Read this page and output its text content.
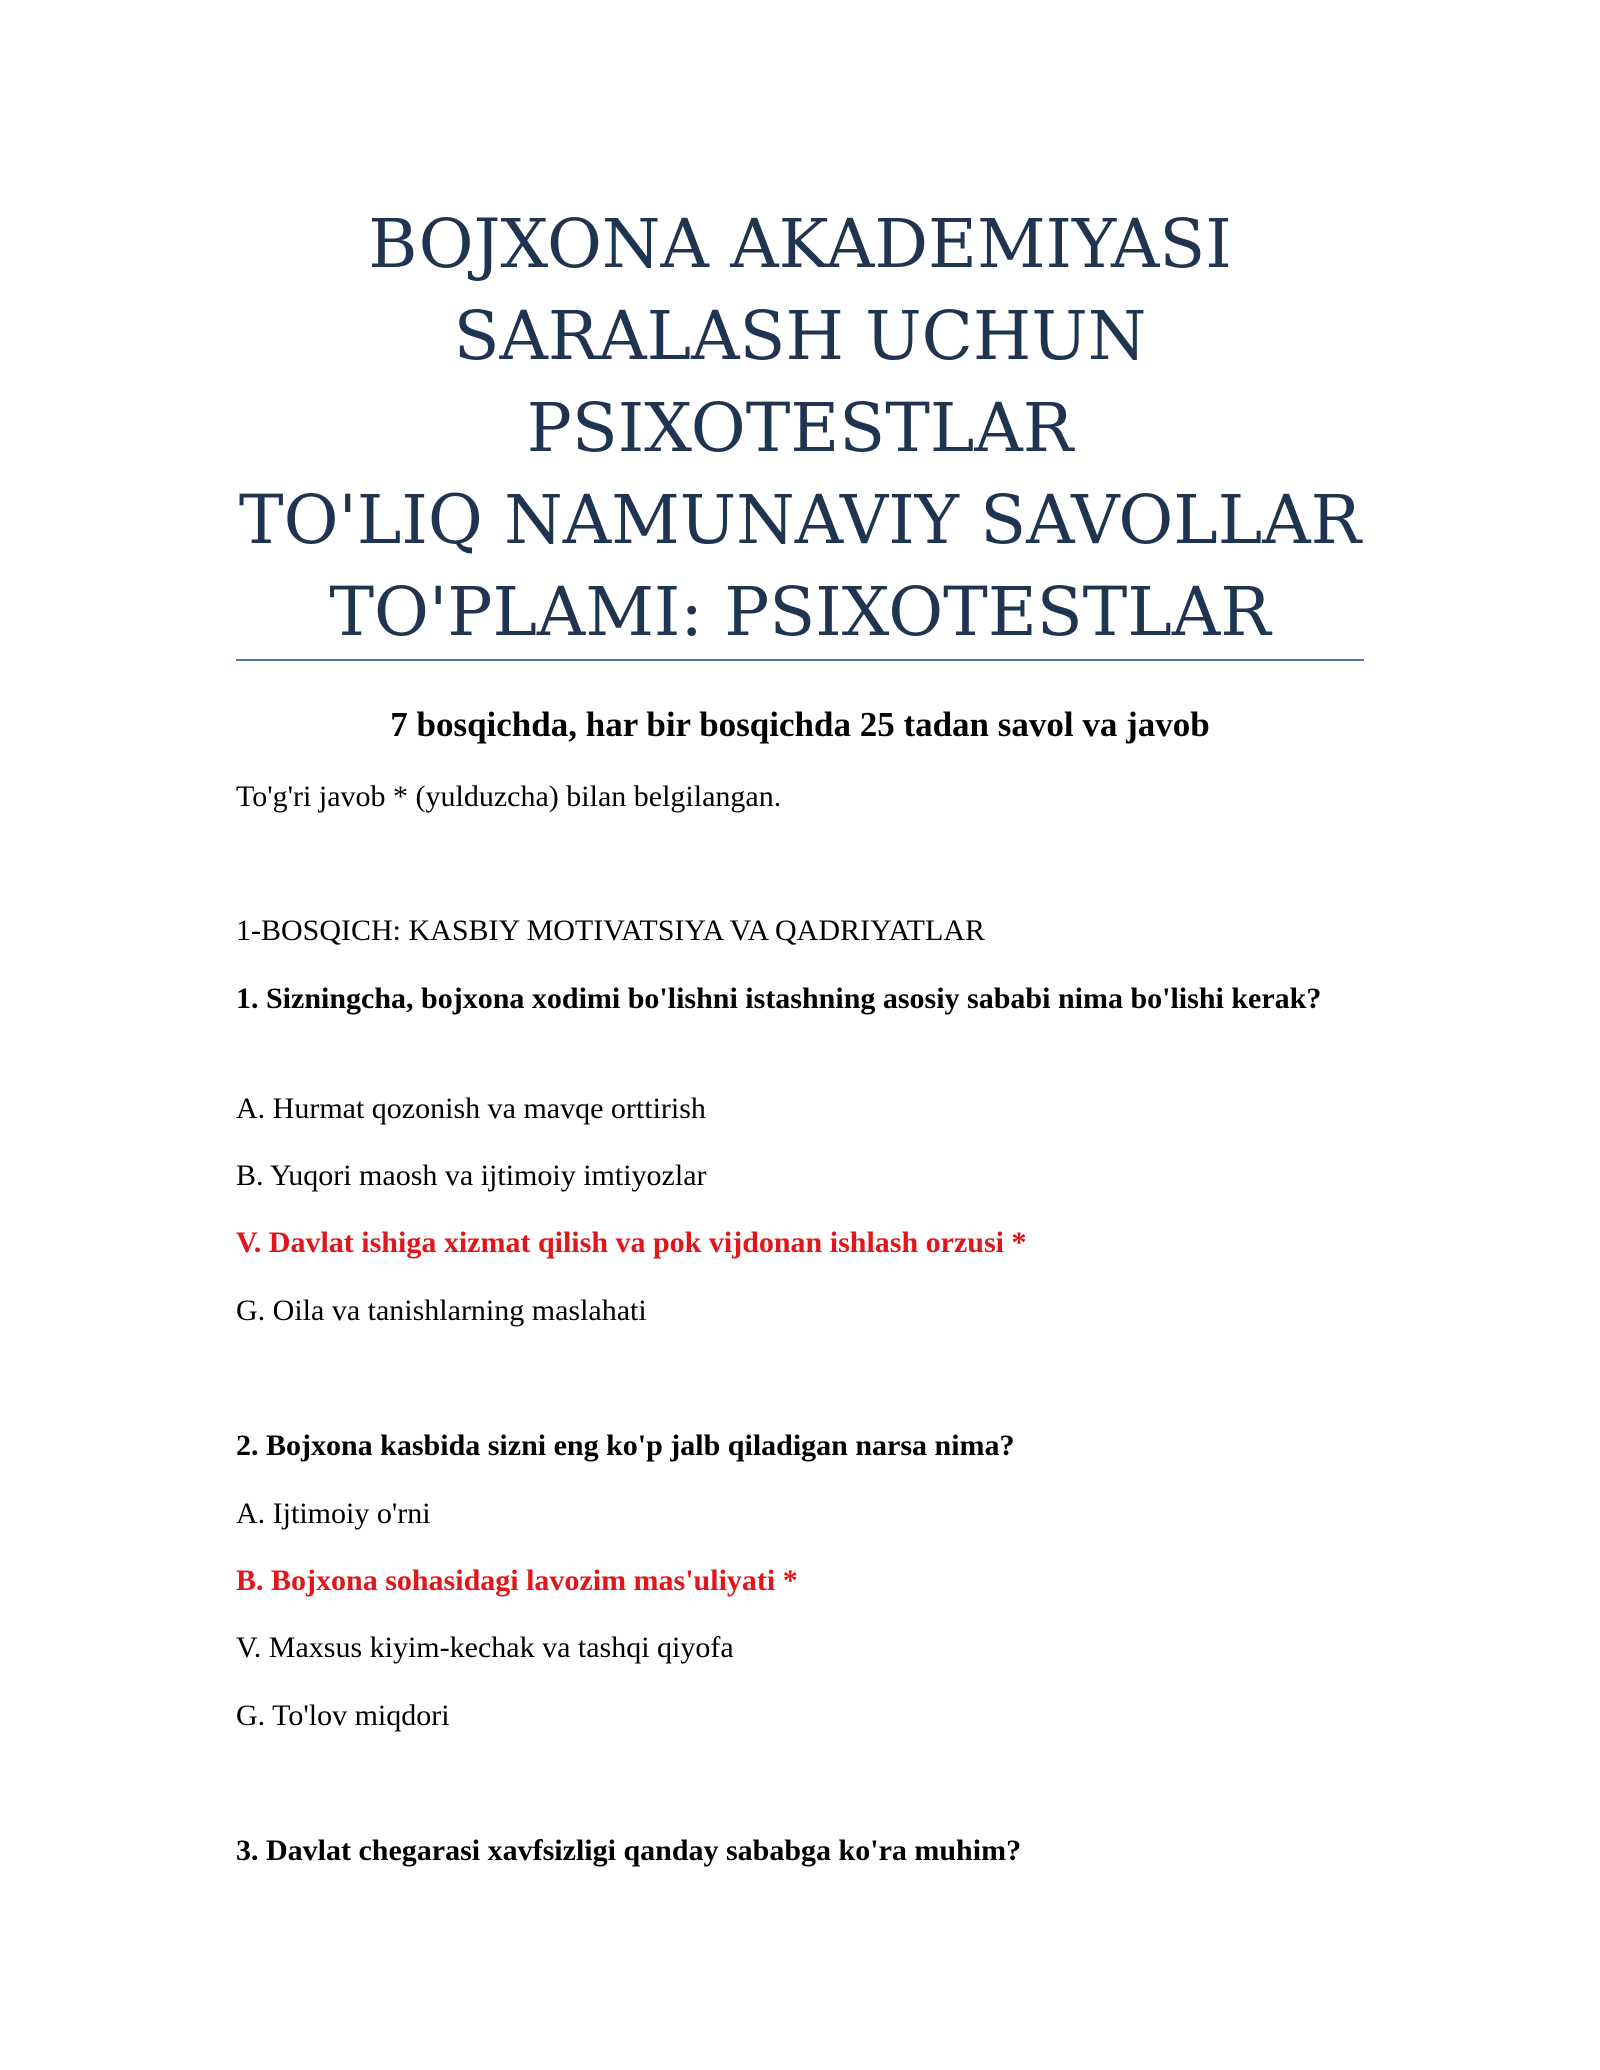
BOJXONA AKADEMIYASI
SARALASH UCHUN
PSIXOTESTLAR
TO'LIQ NAMUNAVIY SAVOLLAR
TO'PLAMI: PSIXOTESTLAR
7 bosqichda, har bir bosqichda 25 tadan savol va javob
To'g'ri javob * (yulduzcha) bilan belgilangan.
1-BOSQICH: KASBIY MOTIVATSIYA VA QADRIYATLAR
1. Sizningcha, bojxona xodimi bo'lishni istashning asosiy sababi nima bo'lishi kerak?
A. Hurmat qozonish va mavqe orttirish
B. Yuqori maosh va ijtimoiy imtiyozlar
V. Davlat ishiga xizmat qilish va pok vijdonan ishlash orzusi *
G. Oila va tanishlarning maslahati
2. Bojxona kasbida sizni eng ko'p jalb qiladigan narsa nima?
A. Ijtimoiy o'rni
B. Bojxona sohasidagi lavozim mas'uliyati *
V. Maxsus kiyim-kechak va tashqi qiyofa
G. To'lov miqdori
3. Davlat chegarasi xavfsizligi qanday sababga ko'ra muhim?
